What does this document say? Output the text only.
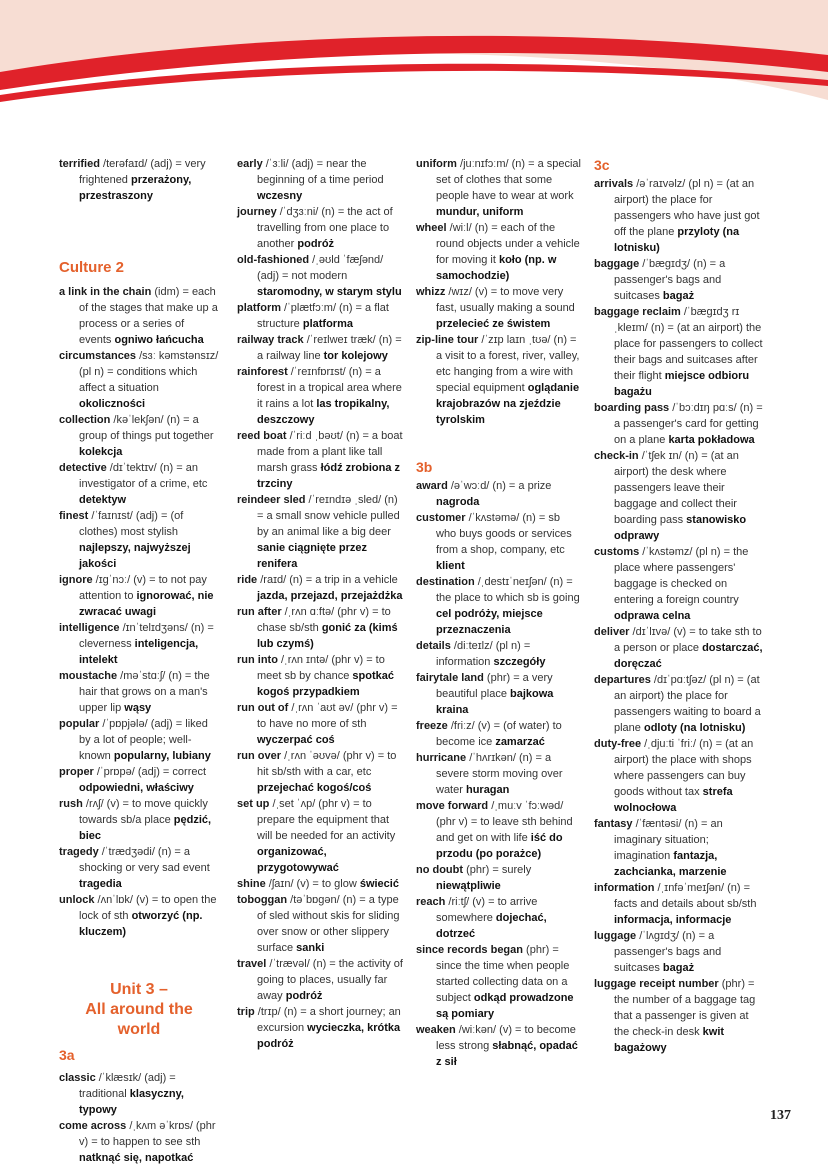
terrified /terəfaɪd/ (adj) = very frightened przerażony, przestraszony

Culture 2

a link in the chain (idm) = each of the stages that make up a process or a series of events ogniwo łańcucha

circumstances /sɜː kəmstənsɪz/ (pl n) = conditions which affect a situation okoliczności

collection /kəˈlekʃən/ (n) = a group of things put together kolekcja

detective /dɪˈtektɪv/ (n) = an investigator of a crime, etc detektyw

finest /ˈfaɪnɪst/ (adj) = (of clothes) most stylish najlepszy, najwyższej jakości

ignore /ɪgˈnɔː/ (v) = to not pay attention to ignorować, nie zwracać uwagi

intelligence /ɪnˈtelɪdʒəns/ (n) = cleverness inteligencja, intelekt

moustache /məˈstɑːʃ/ (n) = the hair that grows on a man's upper lip wąsy

popular /ˈpɒpjələ/ (adj) = liked by a lot of people; well-known popularny, lubiany

proper /ˈprɒpə/ (adj) = correct odpowiedni, właściwy

rush /rʌʃ/ (v) = to move quickly towards sb/a place pędzić, biec

tragedy /ˈtrædʒədi/ (n) = a shocking or very sad event tragedia

unlock /ʌnˈlɒk/ (v) = to open the lock of sth otworzyć (np. kluczem)

Unit 3 –

All around the

world

3a

classic /ˈklæsɪk/ (adj) = traditional klasyczny, typowy

come across /ˌkʌm əˈkrɒs/ (phr v) = to happen to see sth natknąć się, napotkać

early /ˈɜːli/ (adj) = near the beginning of a time period wczesny

journey /ˈdʒɜːni/ (n) = the act of travelling from one place to another podróż

old-fashioned /ˌəʊld ˈfæʃənd/ (adj) = not modern staromodny, w starym stylu

platform /ˈplætfɔːm/ (n) = a flat structure platforma

railway track /ˈreɪlweɪ træk/ (n) = a railway line tor kolejowy

rainforest /ˈreɪnfɒrɪst/ (n) = a forest in a tropical area where it rains a lot las tropikalny, deszczowy

reed boat /ˈriːd ˌbəʊt/ (n) = a boat made from a plant like tall marsh grass łódź zrobiona z trzciny

reindeer sled /ˈreɪndɪə ˌsled/ (n) = a small snow vehicle pulled by an animal like a big deer sanie ciągnięte przez renifera

ride /raɪd/ (n) = a trip in a vehicle jazda, przejazd, przejażdżka

run after /ˌrʌn ɑːftə/ (phr v) = to chase sb/sth gonić za (kimś lub czymś)

run into /ˌrʌn ɪntə/ (phr v) = to meet sb by chance spotkać kogoś przypadkiem

run out of /ˌrʌn ˈaʊt əv/ (phr v) = to have no more of sth wyczerpać coś

run over /ˌrʌn ˈəʊvə/ (phr v) = to hit sb/sth with a car, etc przejechać kogoś/coś

set up /ˌset ˈʌp/ (phr v) = to prepare the equipment that will be needed for an activity organizować, przygotowywać

shine /ʃaɪn/ (v) = to glow świecić

toboggan /təˈbɒgən/ (n) = a type of sled without skis for sliding over snow or other slippery surface sanki

travel /ˈtrævəl/ (n) = the activity of going to places, usually far away podróż

trip /trɪp/ (n) = a short journey; an excursion wycieczka, krótka podróż

uniform /juːnɪfɔːm/ (n) = a special set of clothes that some people have to wear at work mundur, uniform

wheel /wiːl/ (n) = each of the round objects under a vehicle for moving it koło (np. w samochodzie)

whizz /wɪz/ (v) = to move very fast, usually making a sound przelecieć ze świstem

zip-line tour /ˈzɪp laɪn ˌtʊə/ (n) = a visit to a forest, river, valley, etc hanging from a wire with special equipment oglądanie krajobrazów na zjeździe tyrolskim

3b

award /əˈwɔːd/ (n) = a prize nagroda

customer /ˈkʌstəmə/ (n) = sb who buys goods or services from a shop, company, etc klient

destination /ˌdestɪˈneɪʃən/ (n) = the place to which sb is going cel podróży, miejsce przeznaczenia

details /diːteɪlz/ (pl n) = information szczegóły

fairytale land (phr) = a very beautiful place bajkowa kraina

freeze /friːz/ (v) = (of water) to become ice zamarzać

hurricane /ˈhʌrɪkən/ (n) = a severe storm moving over water huragan

move forward /ˌmuːv ˈfɔːwəd/ (phr v) = to leave sth behind and get on with life iść do przodu (po porażce)

no doubt (phr) = surely niewątpliwie

reach /riːtʃ/ (v) = to arrive somewhere dojechać, dotrzeć

since records began (phr) = since the time when people started collecting data on a subject odkąd prowadzone są pomiary

weaken /wiːkən/ (v) = to become less strong słabnąć, opadać z sił

3c

arrivals /əˈraɪvəlz/ (pl n) = (at an airport) the place for passengers who have just got off the plane przyloty (na lotnisku)

baggage /ˈbægɪdʒ/ (n) = a passenger's bags and suitcases bagaż

baggage reclaim /ˈbægɪdʒ rɪˌkleɪm/ (n) = (at an airport) the place for passengers to collect their bags and suitcases after their flight miejsce odbioru bagażu

boarding pass /ˈbɔːdɪŋ pɑːs/ (n) = a passenger's card for getting on a plane karta pokładowa

check-in /ˈtʃek ɪn/ (n) = (at an airport) the desk where passengers leave their baggage and collect their boarding pass stanowisko odprawy

customs /ˈkʌstəmz/ (pl n) = the place where passengers' baggage is checked on entering a foreign country odprawa celna

deliver /dɪˈlɪvə/ (v) = to take sth to a person or place dostarczać, doręczać

departures /dɪˈpɑːtʃəz/ (pl n) = (at an airport) the place for passengers waiting to board a plane odloty (na lotnisku)

duty-free /ˌdjuːti ˈfriː/ (n) = (at an airport) the place with shops where passengers can buy goods without tax strefa wolnocłowa

fantasy /ˈfæntəsi/ (n) = an imaginary situation; imagination fantazja, zachcianka, marzenie

information /ˌɪnfəˈmeɪʃən/ (n) = facts and details about sb/sth informacja, informacje

luggage /ˈlʌgɪdʒ/ (n) = a passenger's bags and suitcases bagaż

luggage receipt number (phr) = the number of a baggage tag that a passenger is given at the check-in desk kwit bagażowy

137
